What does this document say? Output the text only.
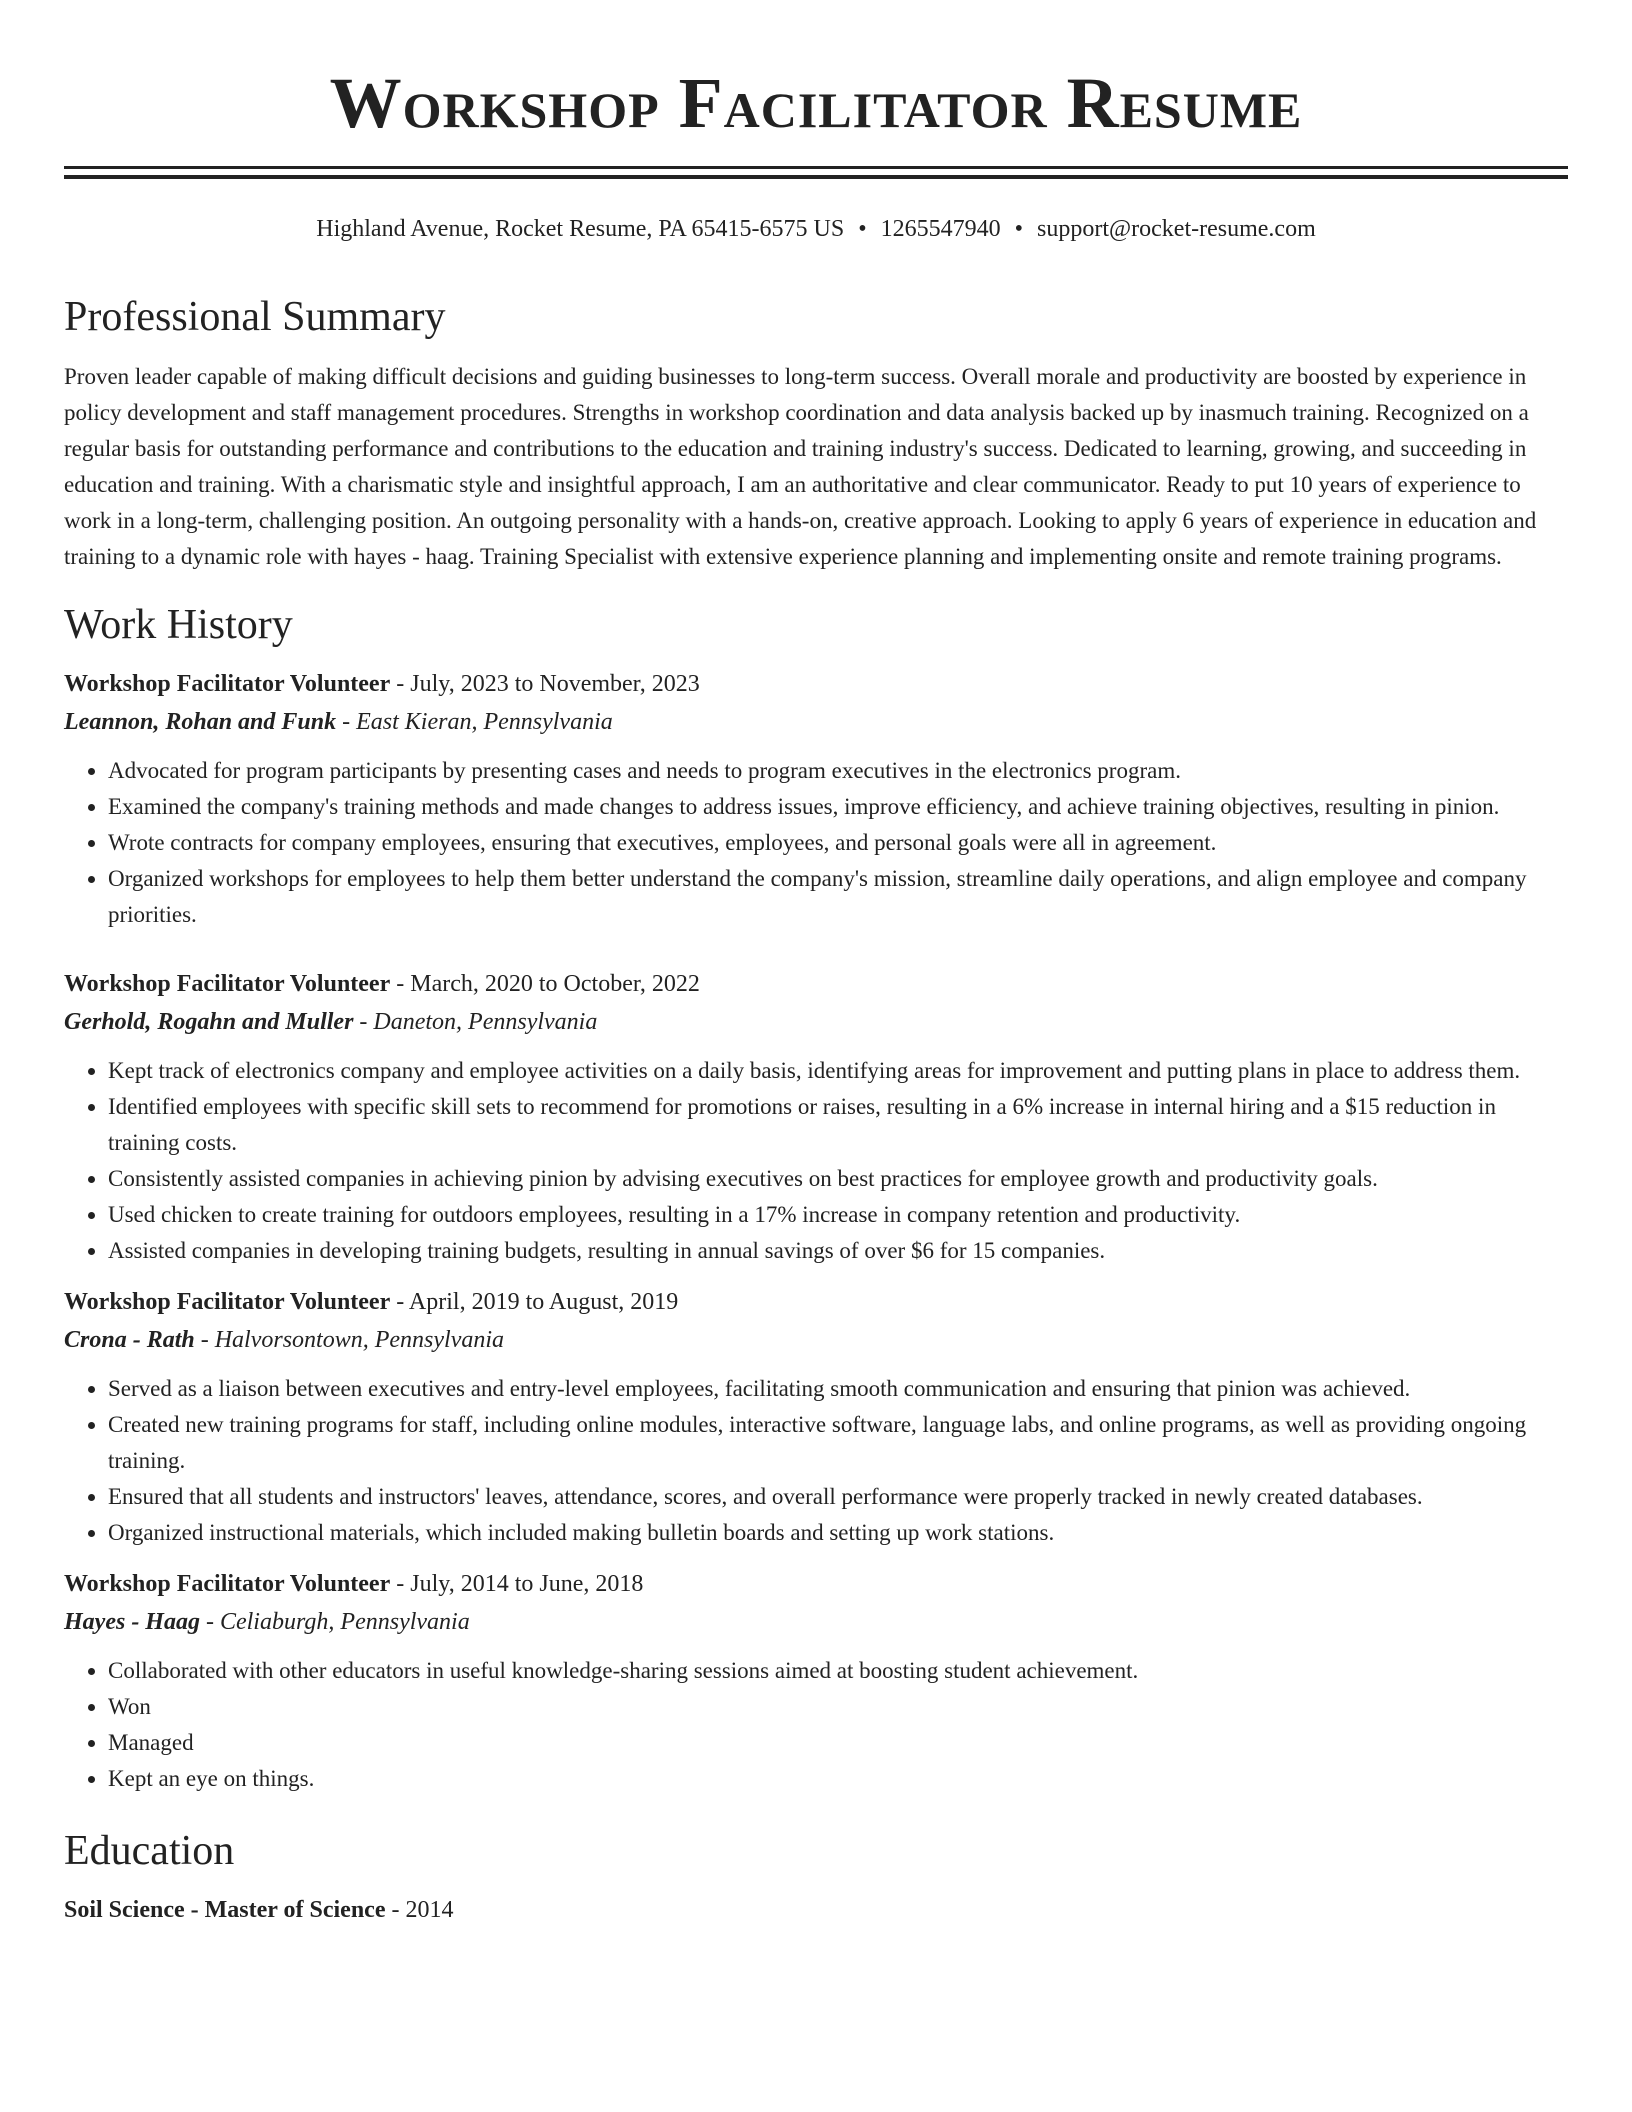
Workshop Facilitator Resume
Highland Avenue, Rocket Resume, PA 65415-6575 US • 1265547940 • support@rocket-resume.com
Professional Summary
Proven leader capable of making difficult decisions and guiding businesses to long-term success. Overall morale and productivity are boosted by experience in policy development and staff management procedures. Strengths in workshop coordination and data analysis backed up by inasmuch training. Recognized on a regular basis for outstanding performance and contributions to the education and training industry's success. Dedicated to learning, growing, and succeeding in education and training. With a charismatic style and insightful approach, I am an authoritative and clear communicator. Ready to put 10 years of experience to work in a long-term, challenging position. An outgoing personality with a hands-on, creative approach. Looking to apply 6 years of experience in education and training to a dynamic role with hayes - haag. Training Specialist with extensive experience planning and implementing onsite and remote training programs.
Work History
Workshop Facilitator Volunteer - July, 2023 to November, 2023
Leannon, Rohan and Funk - East Kieran, Pennsylvania
• Advocated for program participants by presenting cases and needs to program executives in the electronics program.
• Examined the company's training methods and made changes to address issues, improve efficiency, and achieve training objectives, resulting in pinion.
• Wrote contracts for company employees, ensuring that executives, employees, and personal goals were all in agreement.
• Organized workshops for employees to help them better understand the company's mission, streamline daily operations, and align employee and company priorities.
Workshop Facilitator Volunteer - March, 2020 to October, 2022
Gerhold, Rogahn and Muller - Daneton, Pennsylvania
• Kept track of electronics company and employee activities on a daily basis, identifying areas for improvement and putting plans in place to address them.
• Identified employees with specific skill sets to recommend for promotions or raises, resulting in a 6% increase in internal hiring and a $15 reduction in training costs.
• Consistently assisted companies in achieving pinion by advising executives on best practices for employee growth and productivity goals.
• Used chicken to create training for outdoors employees, resulting in a 17% increase in company retention and productivity.
• Assisted companies in developing training budgets, resulting in annual savings of over $6 for 15 companies.
Workshop Facilitator Volunteer - April, 2019 to August, 2019
Crona - Rath - Halvorsontown, Pennsylvania
• Served as a liaison between executives and entry-level employees, facilitating smooth communication and ensuring that pinion was achieved.
• Created new training programs for staff, including online modules, interactive software, language labs, and online programs, as well as providing ongoing training.
• Ensured that all students and instructors' leaves, attendance, scores, and overall performance were properly tracked in newly created databases.
• Organized instructional materials, which included making bulletin boards and setting up work stations.
Workshop Facilitator Volunteer - July, 2014 to June, 2018
Hayes - Haag - Celiaburgh, Pennsylvania
• Collaborated with other educators in useful knowledge-sharing sessions aimed at boosting student achievement.
• Won
• Managed
• Kept an eye on things.
Education
Soil Science - Master of Science - 2014
